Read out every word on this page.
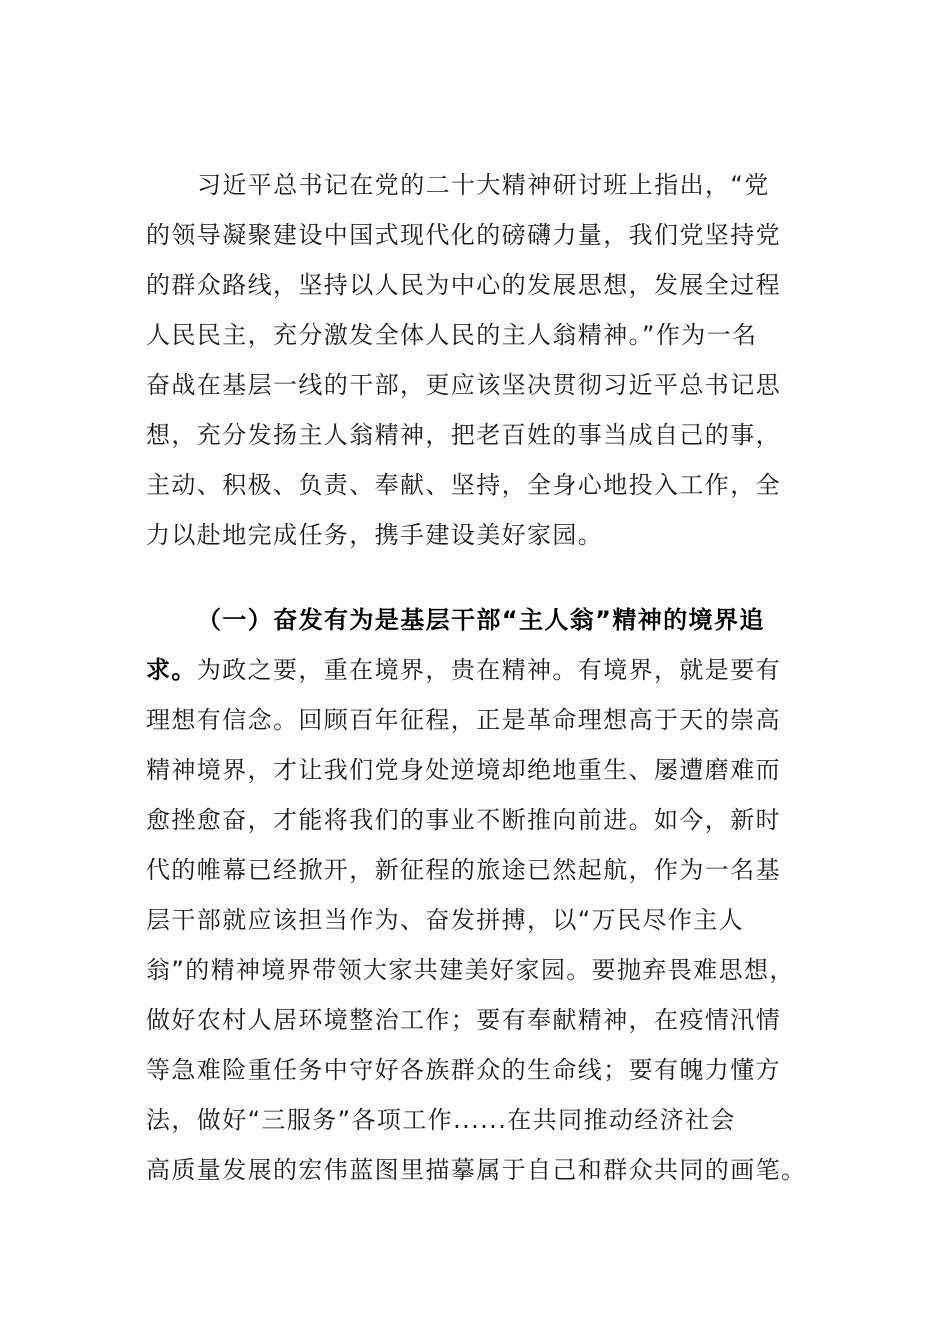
习近平总书记在党的二十大精神研讨班上指出，“党
的领导凝聚建设中国式现代化的磅礴力量，我们党坚持党
的群众路线，坚持以人民为中心的发展思想，发展全过程
人民民主，充分激发全体人民的主人翁精神。”作为一名
奋战在基层一线的干部，更应该坚决贯彻习近平总书记思
想，充分发扬主人翁精神，把老百姓的事当成自己的事，
主动、积极、负责、奉献、坚持，全身心地投入工作，全
力以赴地完成任务，携手建设美好家园。
（一）奋发有为是基层干部“主人翁”精神的境界追
求。为政之要，重在境界，贵在精神。有境界，就是要有
理想有信念。回顾百年征程，正是革命理想高于天的崇高
精神境界，才让我们党身处逆境却绝地重生、屡遭磨难而
愈挫愈奋，才能将我们的事业不断推向前进。如今，新时
代的帷幕已经掀开，新征程的旅途已然起航，作为一名基
层干部就应该担当作为、奋发拼搏，以“万民尽作主人
翁”的精神境界带领大家共建美好家园。要抛弃畏难思想，
做好农村人居环境整治工作；要有奉献精神，在疫情汛情
等急难险重任务中守好各族群众的生命线；要有魄力懂方
法，做好“三服务”各项工作......在共同推动经济社会
高质量发展的宏伟蓝图里描摹属于自己和群众共同的画笔。
